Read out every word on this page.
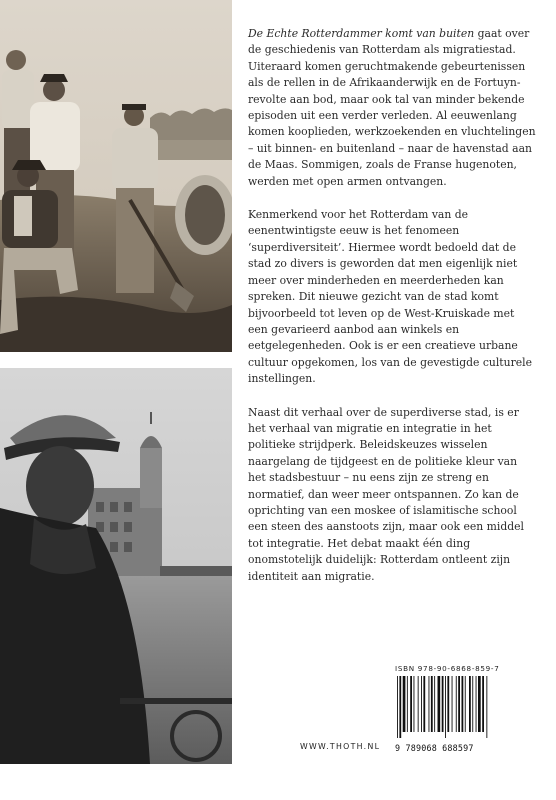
De Echte Rotterdammer komt van buiten gaat over de geschiedenis van Rotterdam als migratiestad. Uiteraard komen geruchtmakende gebeurtenissen als de rellen in de Afrikaanderwijk en de Fortuyn-revolte aan bod, maar ook tal van minder bekende episoden uit een verder verleden. Al eeuwenlang komen kooplieden, werkzoekenden en vluchtelingen – uit binnen- en buitenland – naar de havenstad aan de Maas. Sommigen, zoals de Franse hugenoten, werden met open armen ontvangen.

Kenmerkend voor het Rotterdam van de eenentwintigste eeuw is het fenomeen ‘superdiversiteit’. Hiermee wordt bedoeld dat de stad zo divers is geworden dat men eigenlijk niet meer over minderheden en meerderheden kan spreken. Dit nieuwe gezicht van de stad komt bijvoorbeeld tot leven op de West-Kruiskade met een gevarieerd aanbod aan winkels en eetgelegenheden. Ook is er een creatieve urbane cultuur opgekomen, los van de gevestigde culturele instellingen.

Naast dit verhaal over de superdiverse stad, is er het verhaal van migratie en integratie in het politieke strijdperk. Beleidskeuzes wisselen naargelang de tijdgeest en de politieke kleur van het stadsbestuur – nu eens zijn ze streng en normatief, dan weer meer ontspannen. Zo kan de oprichting van een moskee of islamitische school een steen des aanstoots zijn, maar ook een middel tot integratie. Het debat maakt één ding onomstotelijk duidelijk: Rotterdam ontleent zijn identiteit aan migratie.

ISBN 978-90-6868-859-7
9 789068 688597
WWW.THOTH.NL
